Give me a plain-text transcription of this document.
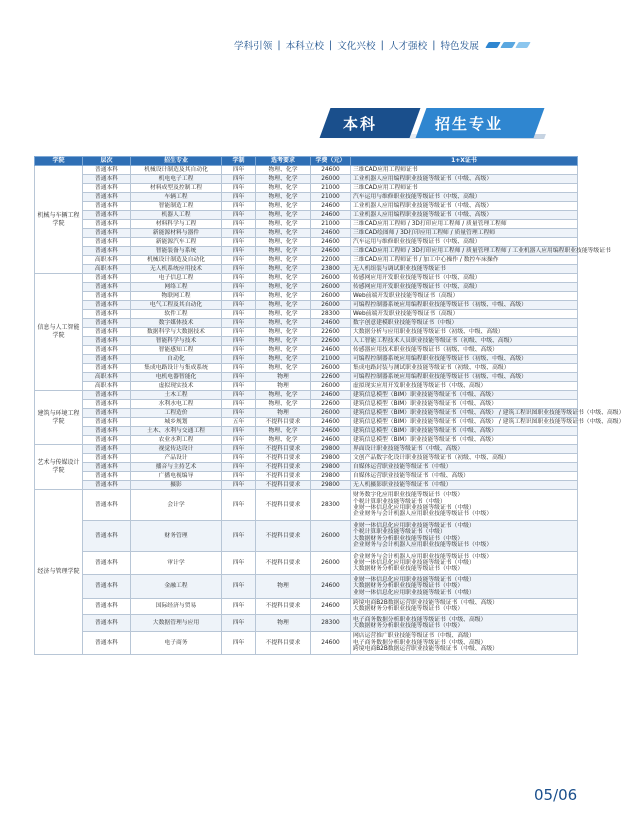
学科引领 | 本科立校 | 文化兴校 | 人才强校 | 特色发展
本科	招生专业
学院	层次	招生专业	学制	选考要求	学费（元）	1+X证书
机械与车辆工程学院	普通本科	机械设计制造及其自动化	四年	物理、化学	24600	三维CAD应用工程师证书
	普通本科	机电电子工程	四年	物理、化学	26000	工业机器人应用编程职业技能等级证书（中级、高级）
	普通本科	材料成型及控制工程	四年	物理、化学	21000	三维CAD应用工程师证书
	普通本科	车辆工程	四年	物理、化学	21000	汽车运用与维修职业技能等级证书（中级、高级）
	普通本科	智能制造工程	四年	物理、化学	24600	工业机器人应用编程职业技能等级证书（中级、高级）
	普通本科	机器人工程	四年	物理、化学	24600	工业机器人应用编程职业技能等级证书（中级、高级）
	普通本科	材料科学与工程	四年	物理、化学	21000	三维CAD应用工程师 / 3D打印应用工程师 / 质量管理工程师
	普通本科	新能源材料与器件	四年	物理、化学	24600	三维CAD绘图师 / 3D打印应用工程师 / 质量管理工程师
	普通本科	新能源汽车工程	四年	物理、化学	24600	汽车运用与维修职业技能等级证书（中级、高级）
	普通本科	智能装备与系统	四年	物理、化学	24600	三维CAD应用工程师 / 3D打印应用工程师 / 质量管理工程师 / 工业机器人应用编程职业技能等级证书
	高职本科	机械设计制造及自动化	四年	物理、化学	22000	三维CAD应用工程师证书 / 加工中心操作 / 数控车床操作
	高职本科	无人机系统应用技术	四年	物理、化学	23800	无人机组装与调试职业技能等级证书
信息与人工智能学院	普通本科	电子信息工程	四年	物理、化学	26000	传感网应用开发职业技能等级证书（中级、高级）
	普通本科	网络工程	四年	物理、化学	26000	传感网应用开发职业技能等级证书（中级、高级）
	普通本科	物联网工程	四年	物理、化学	26000	Web前端开发职业技能等级证书（高级）
	普通本科	电气工程及其自动化	四年	物理、化学	26000	可编程控制器系统应用编程职业技能等级证书（初级、中级、高级）
	普通本科	软件工程	四年	物理、化学	28300	Web前端开发职业技能等级证书（高级）
	普通本科	数字媒体技术	四年	物理、化学	24600	数字创意建模职业技能等级证书（中级）
	普通本科	数据科学与大数据技术	四年	物理、化学	22600	大数据分析与应用职业技能等级证书（初级、中级、高级）
	普通本科	智能科学与技术	四年	物理、化学	22600	人工智能工程技术人员职业技能等级证书（初级、中级、高级）
	普通本科	智能感知工程	四年	物理、化学	24600	传感器应用技术职业技能等级证书（初级、中级、高级）
	普通本科	自动化	四年	物理、化学	21000	可编程控制器系统应用编程职业技能等级证书（初级、中级、高级）
	普通本科	集成电路设计与集成系统	四年	物理、化学	26000	集成电路封装与测试职业技能等级证书（初级、中级、高级）
	高职本科	电机电器智能化	四年	物理	22600	可编程控制器系统应用编程职业技能等级证书（初级、中级、高级）
	高职本科	虚拟现实技术	四年	物理	26000	虚拟现实应用开发职业技能等级证书（中级、高级）
建筑与环境工程学院	普通本科	土木工程	四年	物理、化学	24600	建筑信息模型（BIM）职业技能等级证书（中级、高级）
	普通本科	水利水电工程	四年	物理、化学	22600	建筑信息模型（BIM）职业技能等级证书（中级、高级）
	普通本科	工程造价	四年	物理	26000	建筑信息模型（BIM）职业技能等级证书（中级、高级） / 建筑工程识图职业技能等级证书（中级、高级）
	普通本科	城乡规划	五年	不提科目要求	24600	建筑信息模型（BIM）职业技能等级证书（中级、高级） / 建筑工程识图职业技能等级证书（中级、高级）
	普通本科	土木、水利与交通工程	四年	物理、化学	24600	建筑信息模型（BIM）职业技能等级证书（中级、高级）
	普通本科	农业水利工程	四年	物理、化学	24600	建筑信息模型（BIM）职业技能等级证书（中级、高级）
艺术与传媒设计学院	普通本科	视觉传达设计	四年	不提科目要求	29800	界面设计职业技能等级证书（中级、高级）
	普通本科	产品设计	四年	不提科目要求	29800	文创产品数字化设计职业技能等级证书（初级、中级、高级）
	普通本科	播音与主持艺术	四年	不提科目要求	29800	自媒体运营职业技能等级证书（中级）
	普通本科	广播电视编导	四年	不提科目要求	29800	自媒体运营职业技能等级证书（中级、高级）
	普通本科	摄影	四年	不提科目要求	29800	无人机摄影职业技能等级证书（中级）
经济与管理学院	普通本科	会计学	四年	不提科目要求	28300	财务数字化应用职业技能等级证书（中级）
个税计算职业技能等级证书（中级）
业财一体信息化应用职业技能等级证书（中级）
企业财务与会计机器人应用职业技能等级证书（中级）

	普通本科	财务管理	四年	不提科目要求	26000	业财一体信息化应用职业技能等级证书（中级）
个税计算职业技能等级证书（中级）
大数据财务分析职业技能等级证书（中级）
企业财务与会计机器人应用职业技能等级证书（中级）

	普通本科	审计学	四年	不提科目要求	26000	企业财务与会计机器人应用职业技能等级证书（中级）
业财一体信息化应用职业技能等级证书（中级）
大数据财务分析职业技能等级证书（中级）

	普通本科	金融工程	四年	物理	24600	业财一体信息化应用职业技能等级证书（中级）
大数据财务分析职业技能等级证书（中级）
业财一体信息化应用职业技能等级证书（中级）

	普通本科	国际经济与贸易	四年	不提科目要求	24600	跨境电商B2B数据运营职业技能等级证书（中级、高级）
大数据财务分析职业技能等级证书（中级）

	普通本科	大数据管理与应用	四年	物理	28300	电子商务数据分析职业技能等级证书（中级、高级）
大数据财务分析职业技能等级证书（中级）

	普通本科	电子商务	四年	不提科目要求	24600	网店运营推广职业技能等级证书（中级、高级）
电子商务数据分析职业技能等级证书（中级、高级）
跨境电商B2B数据运营职业技能等级证书（中级、高级）
05/06
